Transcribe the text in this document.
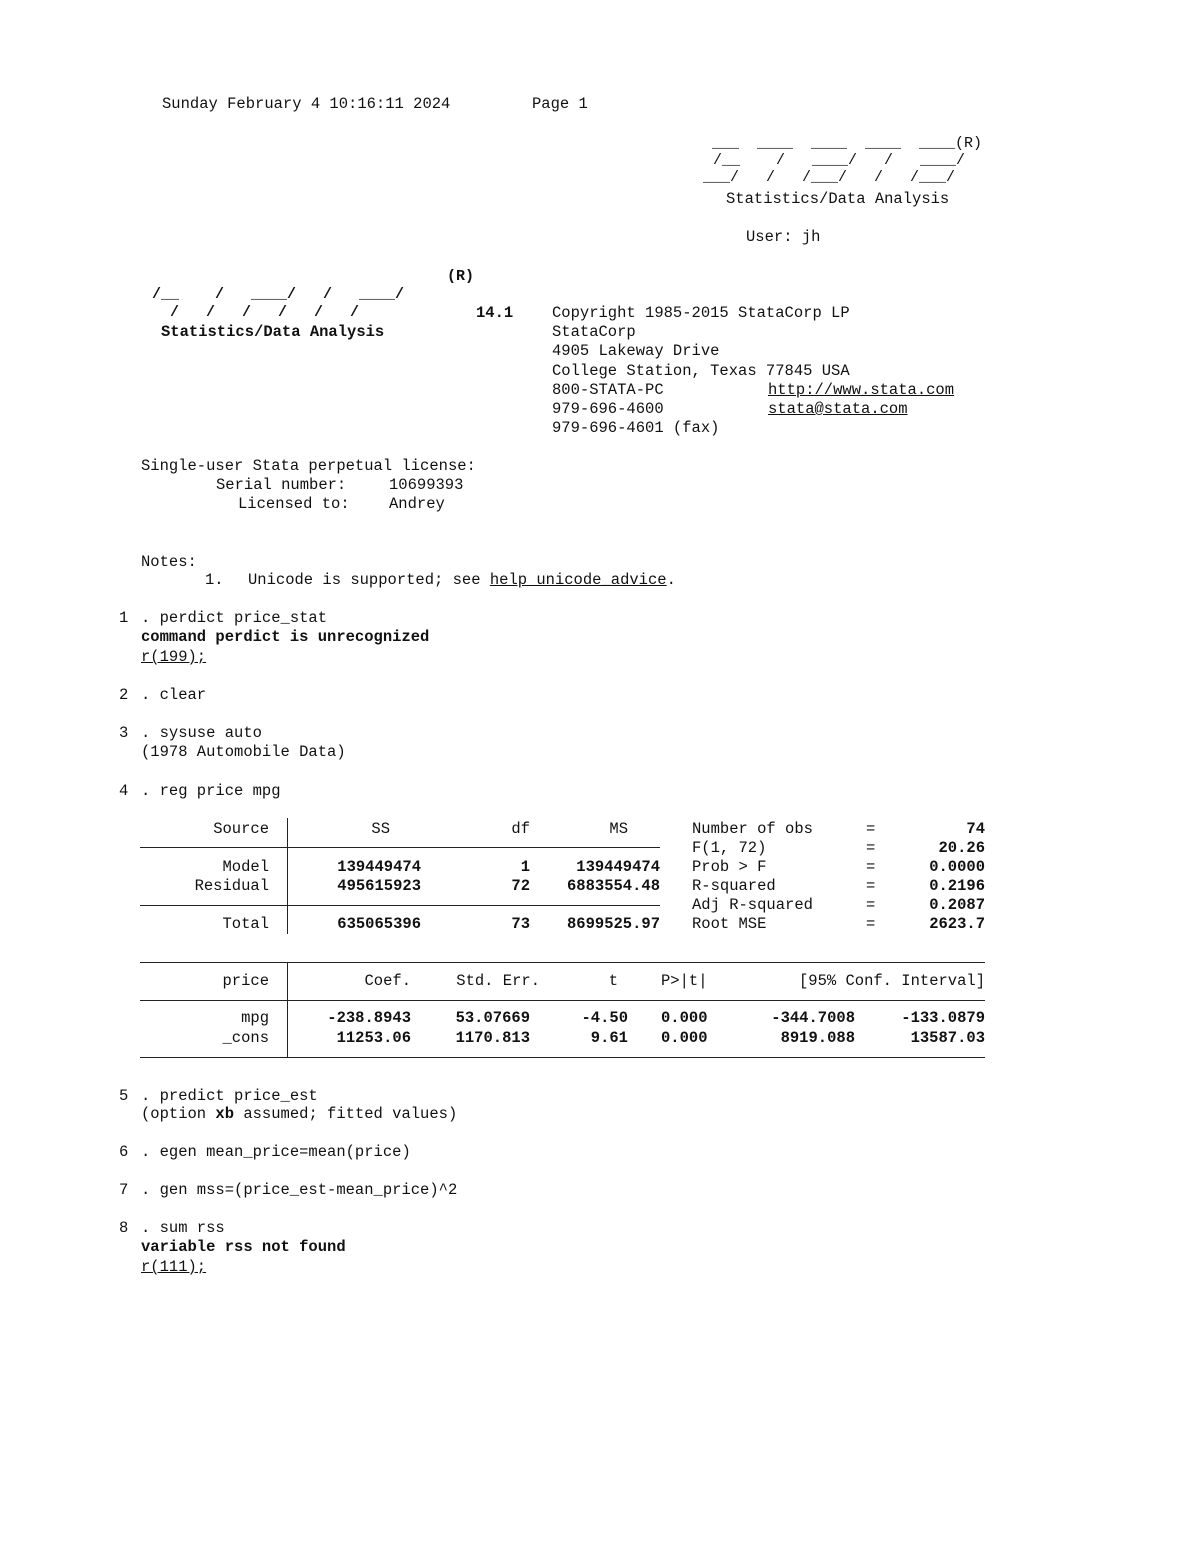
Sunday February 4 10:16:11 2024	Page 1
___  ____  ____  ____  ____(R)
/__    /   ____/   /   ____/
___/   /   /___/   /   /___/
Statistics/Data Analysis
User: jh
(R)
/__    /   ____/   /   ____/
/   /   /   /   /   /	14.1
Statistics/Data Analysis
Copyright 1985-2015 StataCorp LP
StataCorp
4905 Lakeway Drive
College Station, Texas 77845 USA
800-STATA-PC	http://www.stata.com
979-696-4600	stata@stata.com
979-696-4601 (fax)
Single-user Stata perpetual license:
Serial number:	10699393
Licensed to:	Andrey
Notes:
1. Unicode is supported; see help unicode_advice.
1 . perdict price_stat
command perdict is unrecognized
r(199);
2 . clear
3 . sysuse auto
(1978 Automobile Data)
4 . reg price mpg
Source	SS	df	MS
Model	139449474	1	139449474
Residual	495615923	72	6883554.48
Total	635065396	73	8699525.97
Number of obs	=	74
F(1, 72)	=	20.26
Prob > F	=	0.0000
R-squared	=	0.2196
Adj R-squared	=	0.2087
Root MSE	=	2623.7
price	Coef.	Std. Err.	t	P>|t|	[95% Conf. Interval]
mpg	-238.8943	53.07669	-4.50 0.000	-344.7008	-133.0879
_cons	11253.06	1170.813	9.61 0.000	8919.088	13587.03
5 . predict price_est
(option xb assumed; fitted values)
6 . egen mean_price=mean(price)
7 . gen mss=(price_est-mean_price)^2
8 . sum rss
variable rss not found
r(111);
